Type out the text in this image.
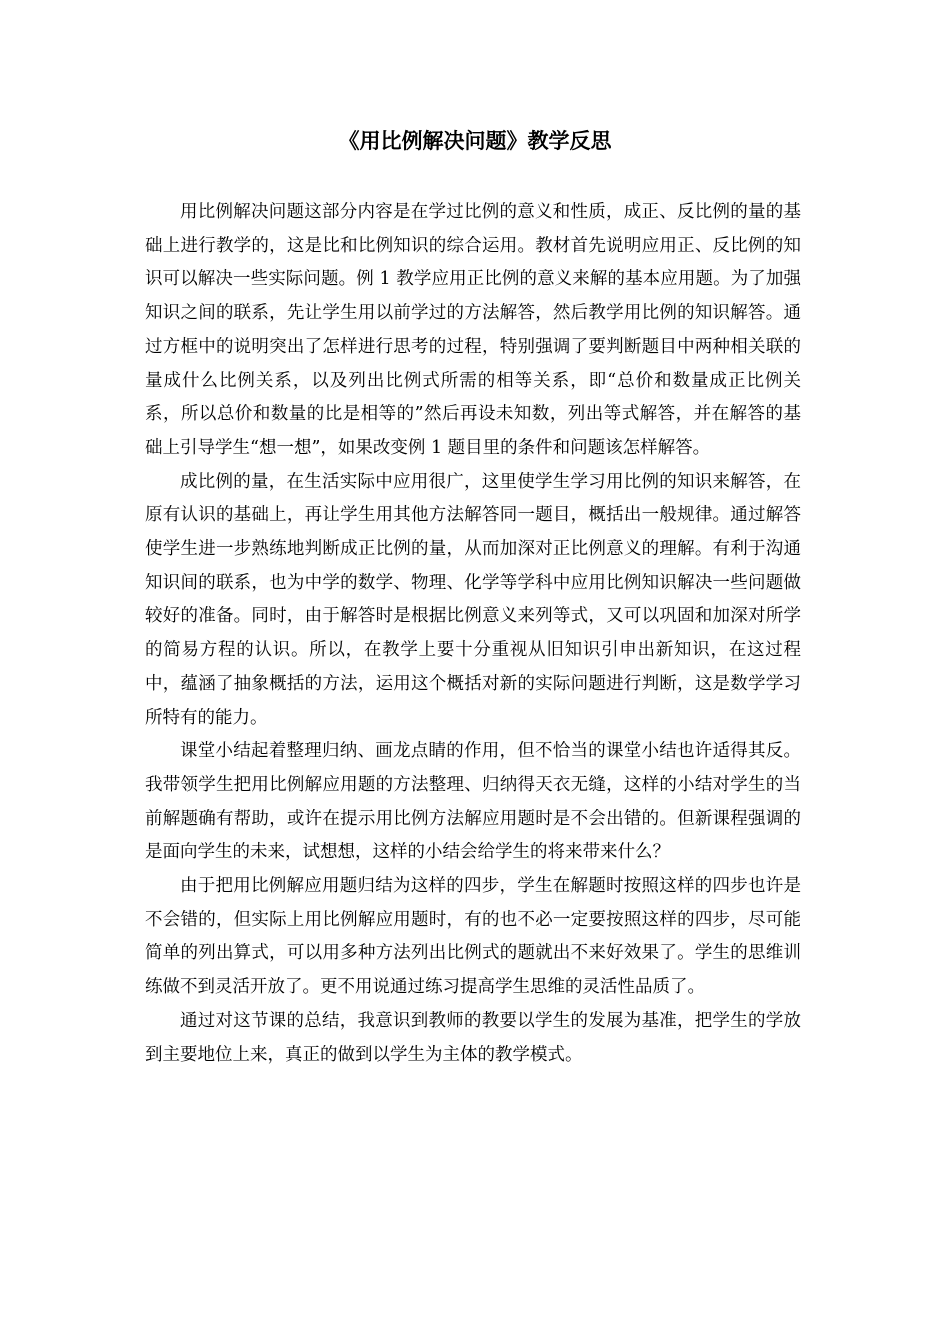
《用比例解决问题》教学反思

用比例解决问题这部分内容是在学过比例的意义和性质，成正、反比例的量的基础上进行教学的，这是比和比例知识的综合运用。教材首先说明应用正、反比例的知识可以解决一些实际问题。例 1 教学应用正比例的意义来解的基本应用题。为了加强知识之间的联系，先让学生用以前学过的方法解答，然后教学用比例的知识解答。通过方框中的说明突出了怎样进行思考的过程，特别强调了要判断题目中两种相关联的量成什么比例关系，以及列出比例式所需的相等关系，即“总价和数量成正比例关系，所以总价和数量的比是相等的”然后再设未知数，列出等式解答，并在解答的基础上引导学生“想一想”，如果改变例 1 题目里的条件和问题该怎样解答。

成比例的量，在生活实际中应用很广，这里使学生学习用比例的知识来解答，在原有认识的基础上，再让学生用其他方法解答同一题目，概括出一般规律。通过解答使学生进一步熟练地判断成正比例的量，从而加深对正比例意义的理解。有利于沟通知识间的联系，也为中学的数学、物理、化学等学科中应用比例知识解决一些问题做较好的准备。同时，由于解答时是根据比例意义来列等式，又可以巩固和加深对所学的简易方程的认识。所以，在教学上要十分重视从旧知识引申出新知识，在这过程中，蕴涵了抽象概括的方法，运用这个概括对新的实际问题进行判断，这是数学学习所特有的能力。

课堂小结起着整理归纳、画龙点睛的作用，但不恰当的课堂小结也许适得其反。我带领学生把用比例解应用题的方法整理、归纳得天衣无缝，这样的小结对学生的当前解题确有帮助，或许在提示用比例方法解应用题时是不会出错的。但新课程强调的是面向学生的未来，试想想，这样的小结会给学生的将来带来什么？

由于把用比例解应用题归结为这样的四步，学生在解题时按照这样的四步也许是不会错的，但实际上用比例解应用题时，有的也不必一定要按照这样的四步，尽可能简单的列出算式，可以用多种方法列出比例式的题就出不来好效果了。学生的思维训练做不到灵活开放了。更不用说通过练习提高学生思维的灵活性品质了。

通过对这节课的总结，我意识到教师的教要以学生的发展为基准，把学生的学放到主要地位上来，真正的做到以学生为主体的教学模式。
